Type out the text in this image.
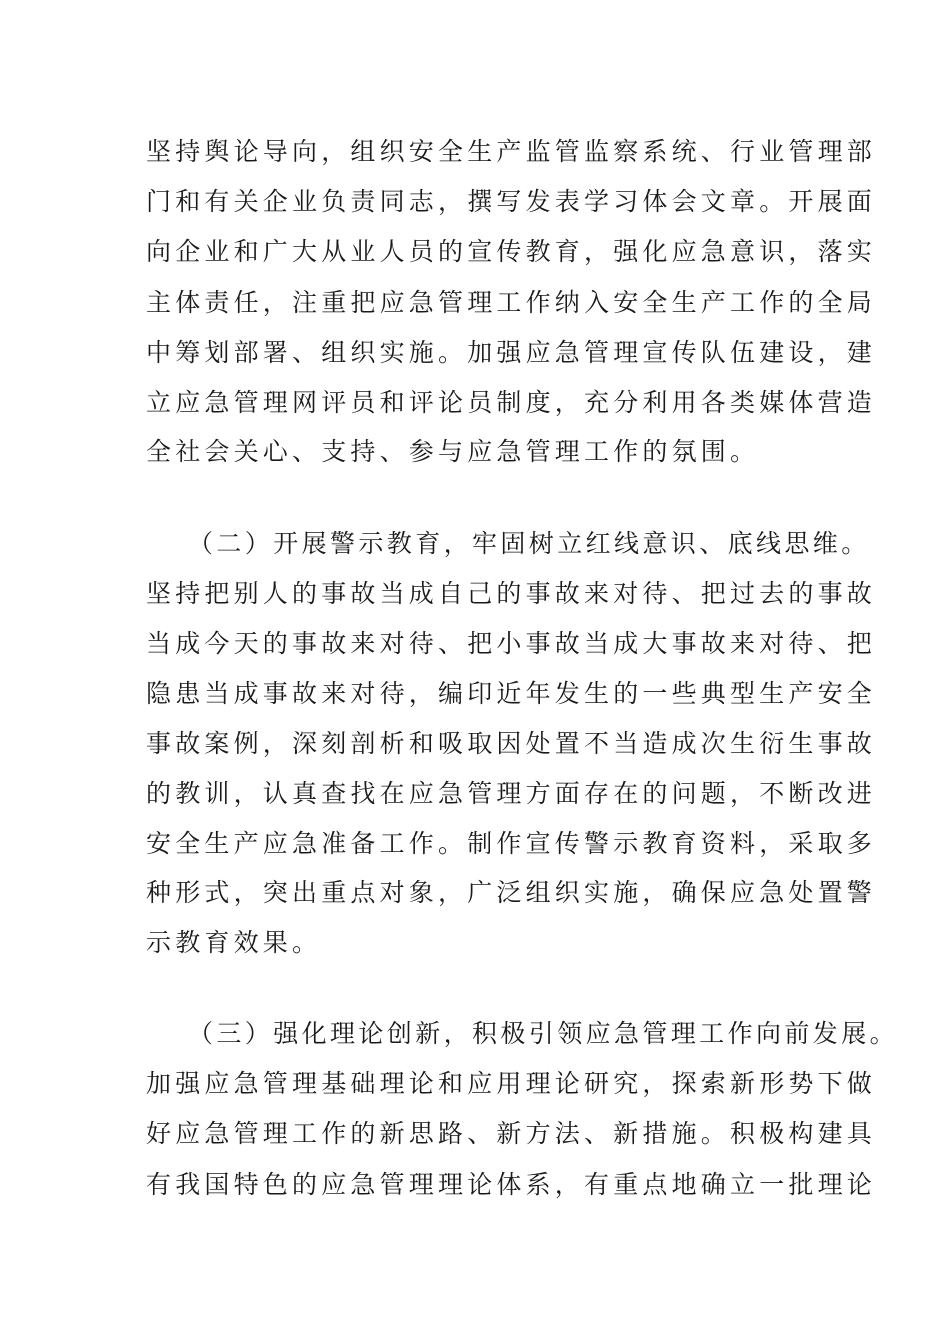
坚持舆论导向，组织安全生产监管监察系统、行业管理部
门和有关企业负责同志，撰写发表学习体会文章。开展面
向企业和广大从业人员的宣传教育，强化应急意识，落实
主体责任，注重把应急管理工作纳入安全生产工作的全局
中筹划部署、组织实施。加强应急管理宣传队伍建设，建
立应急管理网评员和评论员制度，充分利用各类媒体营造
全社会关心、支持、参与应急管理工作的氛围。
（二）开展警示教育，牢固树立红线意识、底线思维。
坚持把别人的事故当成自己的事故来对待、把过去的事故
当成今天的事故来对待、把小事故当成大事故来对待、把
隐患当成事故来对待，编印近年发生的一些典型生产安全
事故案例，深刻剖析和吸取因处置不当造成次生衍生事故
的教训，认真查找在应急管理方面存在的问题，不断改进
安全生产应急准备工作。制作宣传警示教育资料，采取多
种形式，突出重点对象，广泛组织实施，确保应急处置警
示教育效果。
（三）强化理论创新，积极引领应急管理工作向前发展。
加强应急管理基础理论和应用理论研究，探索新形势下做
好应急管理工作的新思路、新方法、新措施。积极构建具
有我国特色的应急管理理论体系，有重点地确立一批理论
